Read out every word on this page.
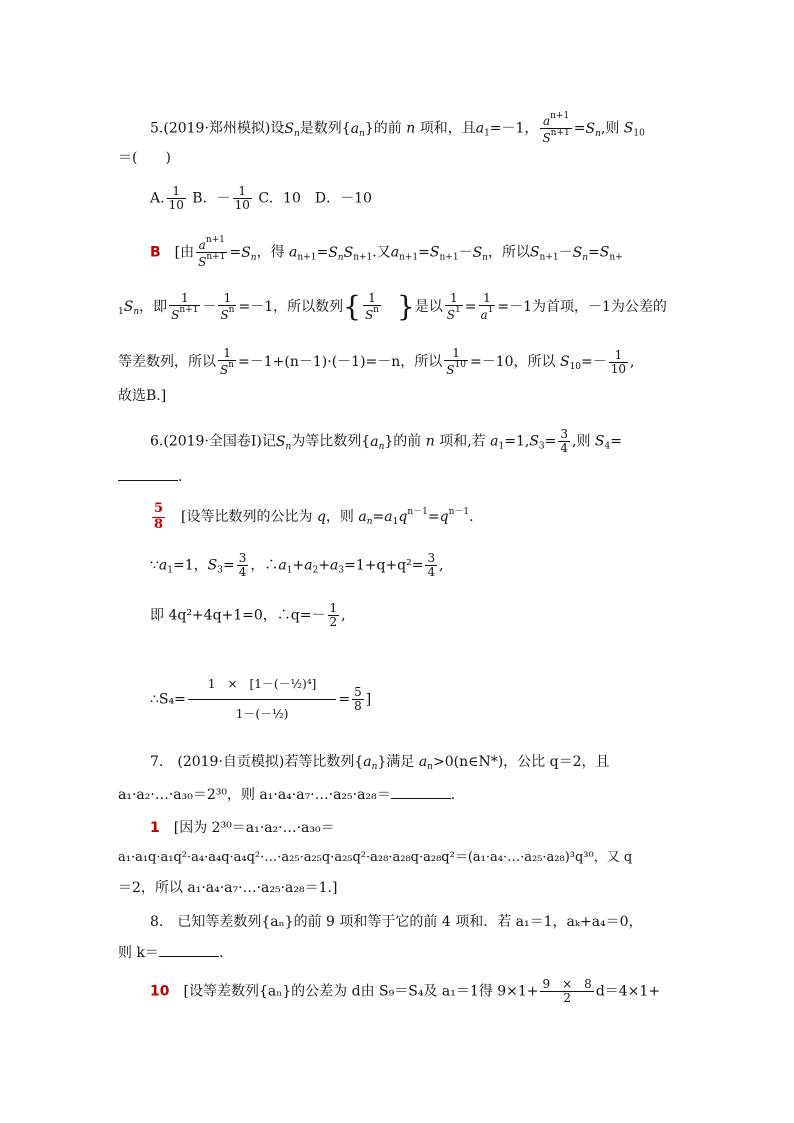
5.(2019·郑州模拟)设$S_n$是数列$\{a_n\}$的前 n 项和，且$a_1=-1$， $\frac{a^{n+1}}{S^{n+1}} =S_n$,则 $S_{10}$
＝(　　)
A. $\frac{1}{10}$ B．－ $\frac{1}{10}$ C．10　D．－10
B　 [由 $\frac{a^{n+1}}{S^{n+1}} =S_n$，得 $a_{n+1}=S_nS_{n+1}$.又$a_{n+1}=S_{n+1}-S_n$，所以$S_{n+1}-S_n=S_{n+}$
$_1S_n$，即 $\frac{1}{S^{n+1}} - \frac{1}{S^n} =-1$，所以数列{ $\frac{1}{S^n}$
　 }是以 $\frac{1}{S^1} = \frac{1}{a^1} =-1$为首项，－1为公差的
等差数列，所以 $\frac{1}{S^n} =-1+(n-1)\cdot(-1)=-n$，所以 $\frac{1}{S^{10}} =-10$，所以 $S_{10}=- \frac{1}{10}$ ,
故选B.]
6.(2019·全国卷Ⅰ)记$S_n$为等比数列$\{a_n\}$的前 n 项和,若 $a_1=1,S_3= \frac{3}{4}$ ,则 $S_4=$
.
$\frac{5}{8}$
　 [设等比数列的公比为 q，则 $a_n=a_1q^{n-1}=q^{n-1}$.
$\because a_1=1$，$S_3= \frac{3}{4}$ ，$\therefore a_1+a_2+a_3=1+q+q^2= \frac{3}{4}$ ,
即 4q²+4q+1=0，∴q=－ $\frac{1}{2}$ ,
∴S₄= $\frac{\text{1　×　[1－(－½)⁴]}}{\text{1－(－½)}} = \frac{5}{8}$ ]
7.　(2019·自贡模拟)若等比数列$\{a_n\}$满足 $a_n>0(n\in N*)$，公比 q＝2，且
a₁·a₂·…·a₃₀＝2³⁰，则 a₁·a₄·a₇·…·a₂₅·a₂₈＝	.
1　 [因为 2³⁰＝a₁·a₂·…·a₃₀＝
a₁·a₁q·a₁q²·a₄·a₄q·a₄q²·…·a₂₅·a₂₅q·a₂₅q²·a₂₈·a₂₈q·a₂₈q²＝(a₁·a₄·…·a₂₅·a₂₈)³q³⁰，又 q
＝2，所以 a₁·a₄·a₇·…·a₂₅·a₂₈＝1.]
8.　已知等差数列{aₙ}的前 9 项和等于它的前 4 项和．若 a₁＝1，aₖ+a₄＝0，
则 k＝	.
10　 [设等差数列{aₙ}的公差为 d由 S₉＝S₄及 a₁＝1得 $9\times 1+ \frac{9 \times 8}{2} d=4\times 1+$
